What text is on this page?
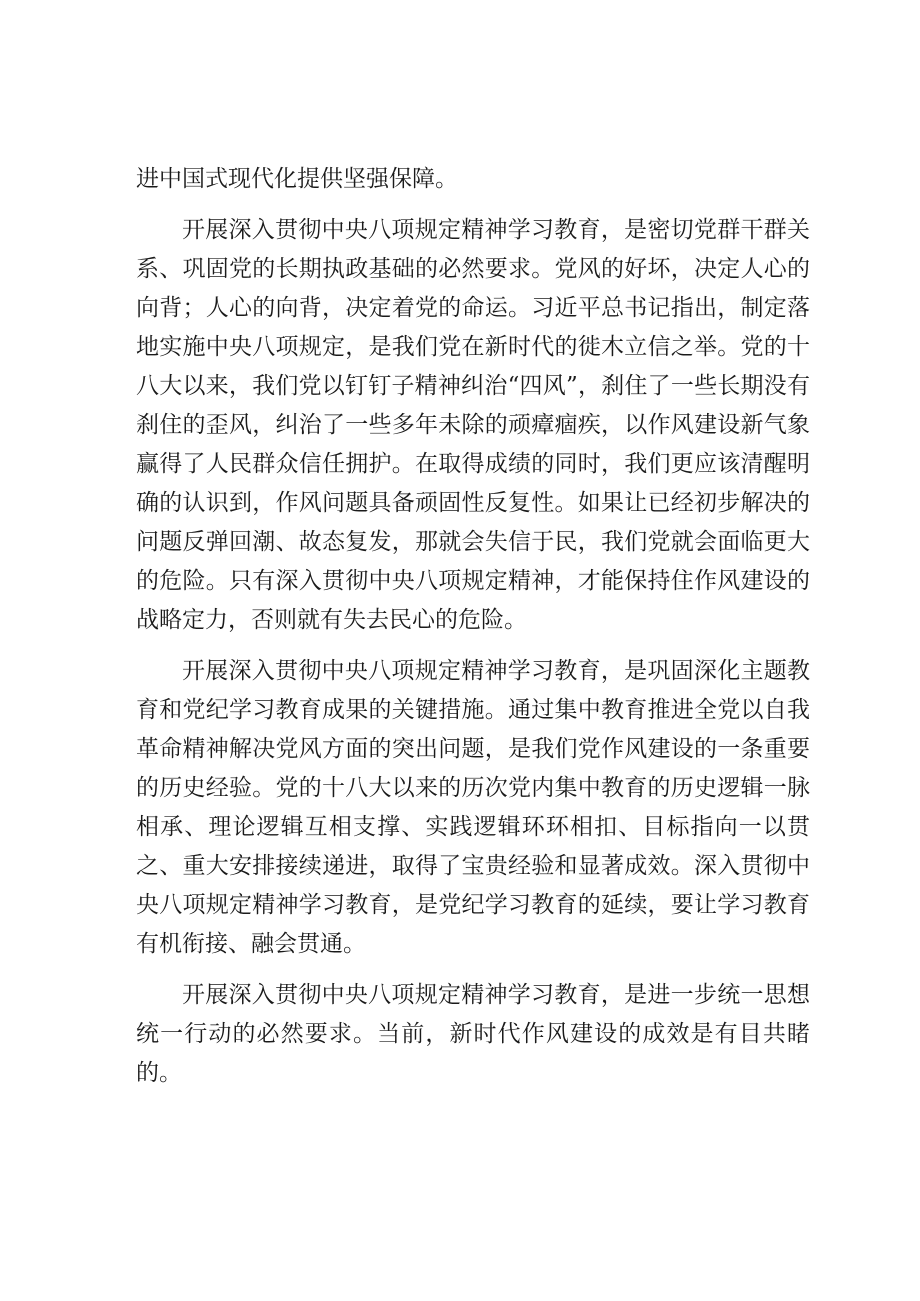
进中国式现代化提供坚强保障。

开展深入贯彻中央八项规定精神学习教育，是密切党群干群关系、巩固党的长期执政基础的必然要求。党风的好坏，决定人心的向背；人心的向背，决定着党的命运。习近平总书记指出，制定落地实施中央八项规定，是我们党在新时代的徙木立信之举。党的十八大以来，我们党以钉钉子精神纠治“四风”，刹住了一些长期没有刹住的歪风，纠治了一些多年未除的顽瘴痼疾，以作风建设新气象赢得了人民群众信任拥护。在取得成绩的同时，我们更应该清醒明确的认识到，作风问题具备顽固性反复性。如果让已经初步解决的问题反弹回潮、故态复发，那就会失信于民，我们党就会面临更大的危险。只有深入贯彻中央八项规定精神，才能保持住作风建设的战略定力，否则就有失去民心的危险。

开展深入贯彻中央八项规定精神学习教育，是巩固深化主题教育和党纪学习教育成果的关键措施。通过集中教育推进全党以自我革命精神解决党风方面的突出问题，是我们党作风建设的一条重要的历史经验。党的十八大以来的历次党内集中教育的历史逻辑一脉相承、理论逻辑互相支撑、实践逻辑环环相扣、目标指向一以贯之、重大安排接续递进，取得了宝贵经验和显著成效。深入贯彻中央八项规定精神学习教育，是党纪学习教育的延续，要让学习教育有机衔接、融会贯通。

开展深入贯彻中央八项规定精神学习教育，是进一步统一思想统一行动的必然要求。当前，新时代作风建设的成效是有目共睹的。
